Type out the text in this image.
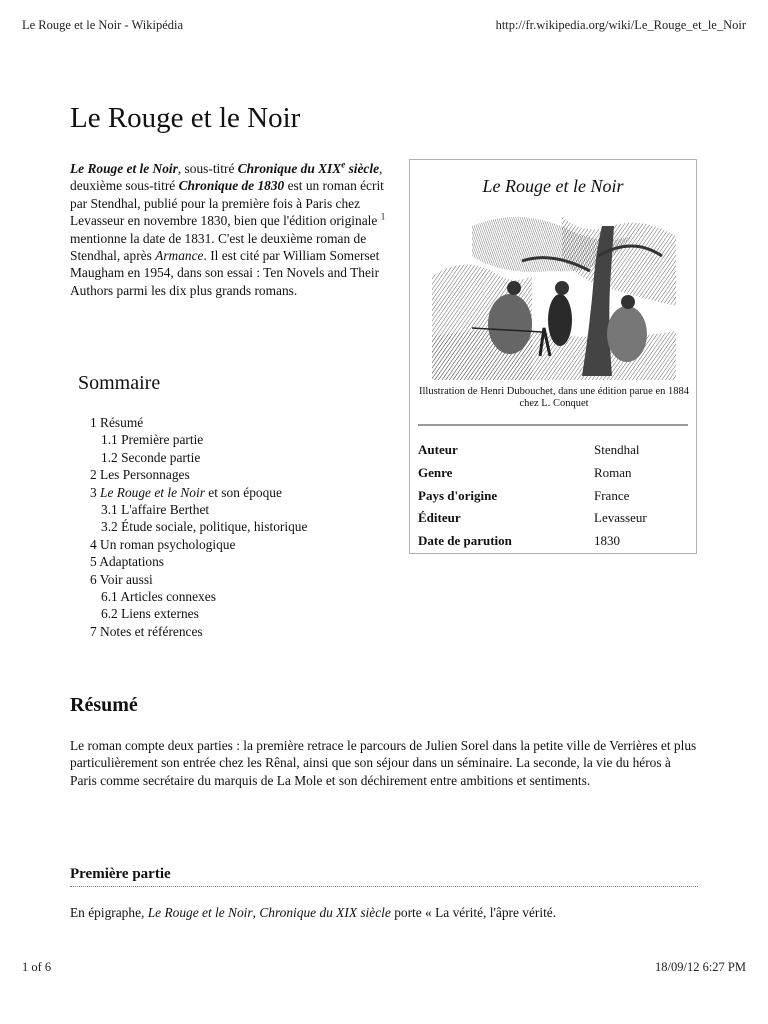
Le Rouge et le Noir - Wikipédia	http://fr.wikipedia.org/wiki/Le_Rouge_et_le_Noir
Le Rouge et le Noir

Le Rouge et le Noir, sous-titré Chronique du XIXe siècle, deuxième sous-titré Chronique de 1830 est un roman écrit par Stendhal, publié pour la première fois à Paris chez Levasseur en novembre 1830, bien que l'édition originale $^1$ mentionne la date de 1831. C'est le deuxième roman de Stendhal, après Armance. Il est cité par William Somerset Maugham en 1954, dans son essai : Ten Novels and Their Authors parmi les dix plus grands romans.

Sommaire
1 Résumé
1.1 Première partie
1.2 Seconde partie
2 Les Personnages
3 Le Rouge et le Noir et son époque
3.1 L'affaire Berthet
3.2 Étude sociale, politique, historique
4 Un roman psychologique
5 Adaptations
6 Voir aussi
6.1 Articles connexes
6.2 Liens externes
7 Notes et références
Le Rouge et le Noir
Illustration de Henri Dubouchet, dans une édition parue en 1884 chez L. Conquet
Auteur	Stendhal
Genre	Roman
Pays d'origine	France
Éditeur	Levasseur
Date de parution	1830
Résumé

Le roman compte deux parties : la première retrace le parcours de Julien Sorel dans la petite ville de Verrières et plus particulièrement son entrée chez les Rênal, ainsi que son séjour dans un séminaire. La seconde, la vie du héros à Paris comme secrétaire du marquis de La Mole et son déchirement entre ambitions et sentiments.

Première partie

En épigraphe, Le Rouge et le Noir, Chronique du XIX siècle porte « La vérité, l'âpre vérité.

1 of 6	18/09/12 6:27 PM
